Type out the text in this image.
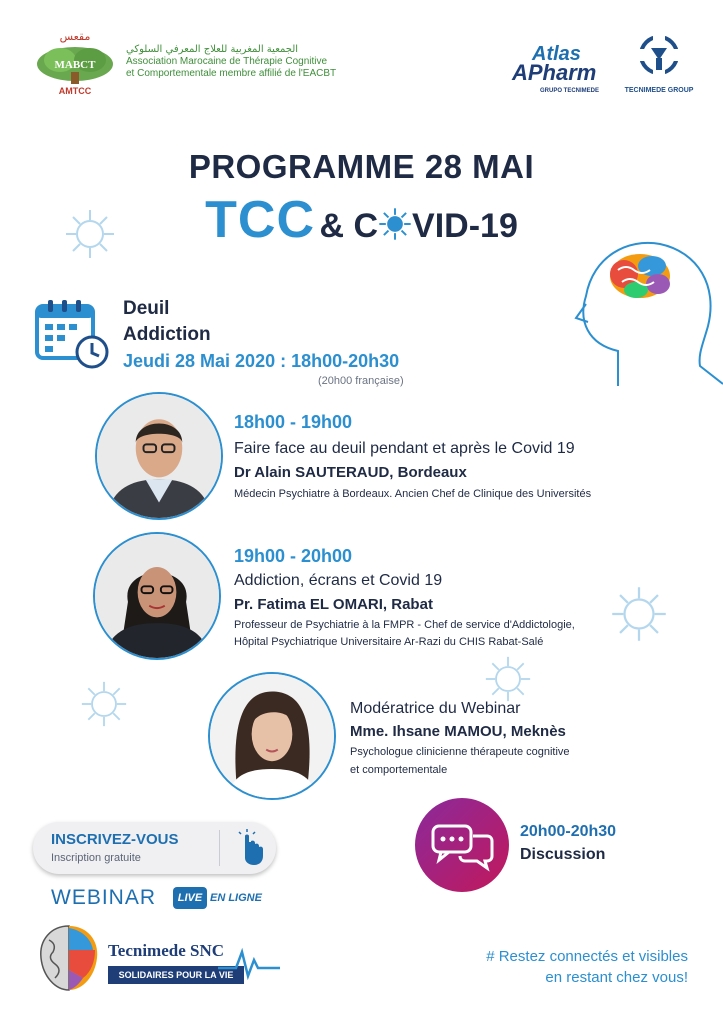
مقعس
MABCT
AMTCC
الجمعية المغربية للعلاج المعرفي السلوكي
Association Marocaine de Thérapie Cognitive
et Comportementale membre affilié de l'EACBT
Atlas
APharm
GRUPO TECNIMEDE	TECNIMEDE GROUP
PROGRAMME 28 MAI
TCC & C VID-19
Deuil
Addiction
Jeudi 28 Mai 2020 : 18h00-20h30
(20h00 française)
18h00 - 19h00
Faire face au deuil pendant et après le Covid 19
Dr Alain SAUTERAUD, Bordeaux
Médecin Psychiatre à Bordeaux. Ancien Chef de Clinique des Universités
19h00 - 20h00
Addiction, écrans et Covid 19
Pr. Fatima EL OMARI, Rabat
Professeur de Psychiatrie à la FMPR - Chef de service d'Addictologie,
Hôpital Psychiatrique Universitaire Ar-Razi du CHIS Rabat-Salé
Modératrice du Webinar
Mme. Ihsane MAMOU, Meknès
Psychologue clinicienne thérapeute cognitive
et comportementale
INSCRIVEZ-VOUS
Inscription gratuite
20h00-20h30
Discussion
WEBINAR	LIVE EN LIGNE
Tecnimede SNC
SOLIDAIRES POUR LA VIE
# Restez connectés et visibles
en restant chez vous!
